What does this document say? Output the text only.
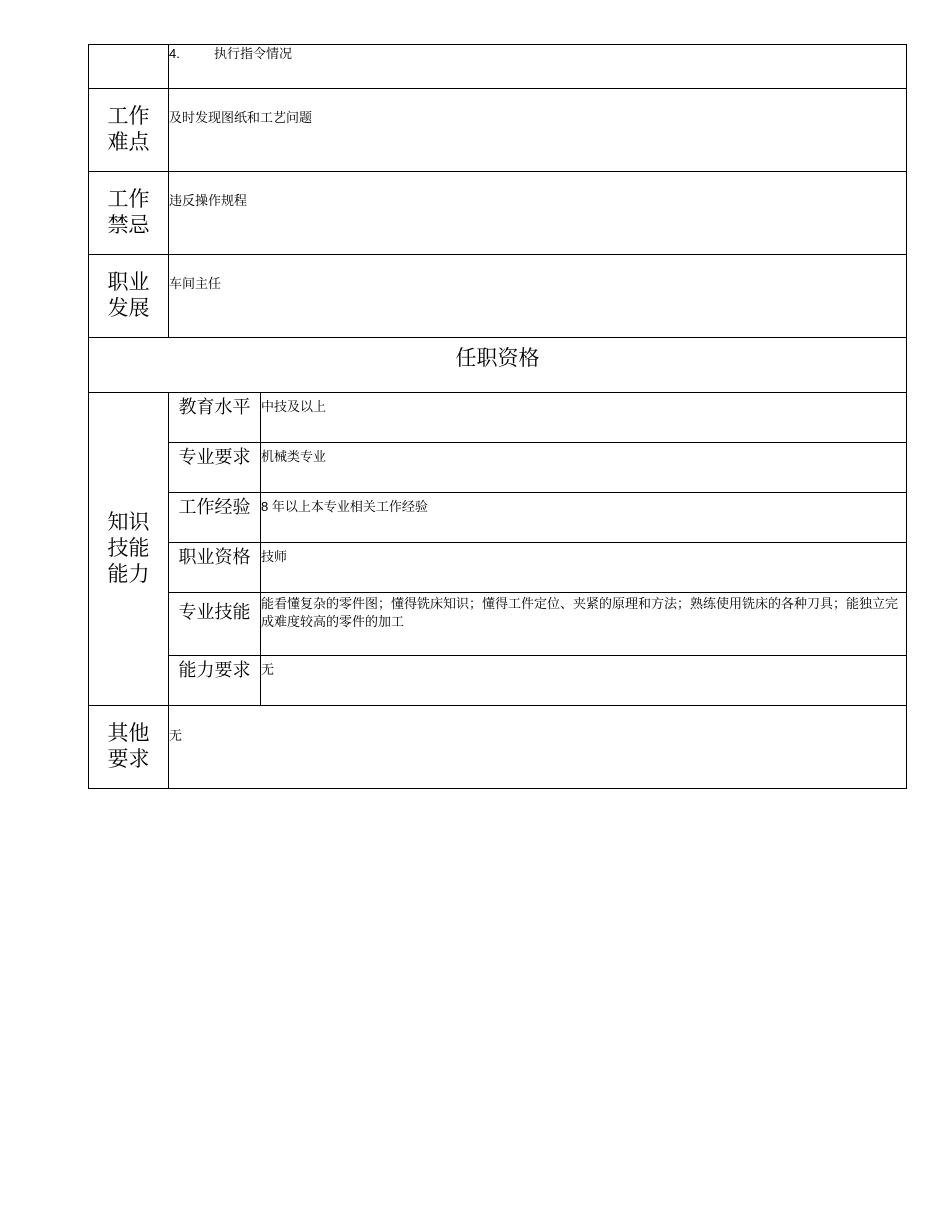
	4. 执行指令情况	

工作
难点	及时发现图纸和工艺问题	

工作
禁忌	违反操作规程	

职业
发展	车间主任	
任职资格		

知识
技能
能力	教育水平	中技及以上
	专业要求	机械类专业
	工作经验	8 年以上本专业相关工作经验
	职业资格	技师
	专业技能	能看懂复杂的零件图；懂得铣床知识；懂得工件定位、夹紧的原理和方法；熟练使用铣床的各种刀具；能独立完成难度较高的零件的加工
	能力要求	无

其他
要求	无	
